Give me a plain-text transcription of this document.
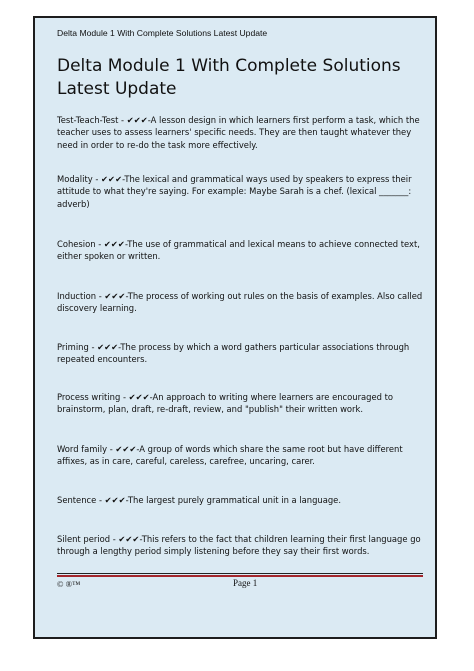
Delta Module 1 With Complete Solutions Latest Update
Delta Module 1 With Complete Solutions Latest Update

Test-Teach-Test - ✔✔✔-A lesson design in which learners first perform a task, which the teacher uses to assess learners' specific needs. They are then taught whatever they need in order to re-do the task more effectively.

Modality - ✔✔✔-The lexical and grammatical ways used by speakers to express their attitude to what they're saying. For example: Maybe Sarah is a chef. (lexical _______: adverb)

Cohesion - ✔✔✔-The use of grammatical and lexical means to achieve connected text, either spoken or written.

Induction - ✔✔✔-The process of working out rules on the basis of examples. Also called discovery learning.

Priming - ✔✔✔-The process by which a word gathers particular associations through repeated encounters.

Process writing - ✔✔✔-An approach to writing where learners are encouraged to brainstorm, plan, draft, re-draft, review, and "publish" their written work.

Word family - ✔✔✔-A group of words which share the same root but have different affixes, as in care, careful, careless, carefree, uncaring, carer.

Sentence - ✔✔✔-The largest purely grammatical unit in a language.

Silent period - ✔✔✔-This refers to the fact that children learning their first language go through a lengthy period simply listening before they say their first words.

© ®™	Page 1
